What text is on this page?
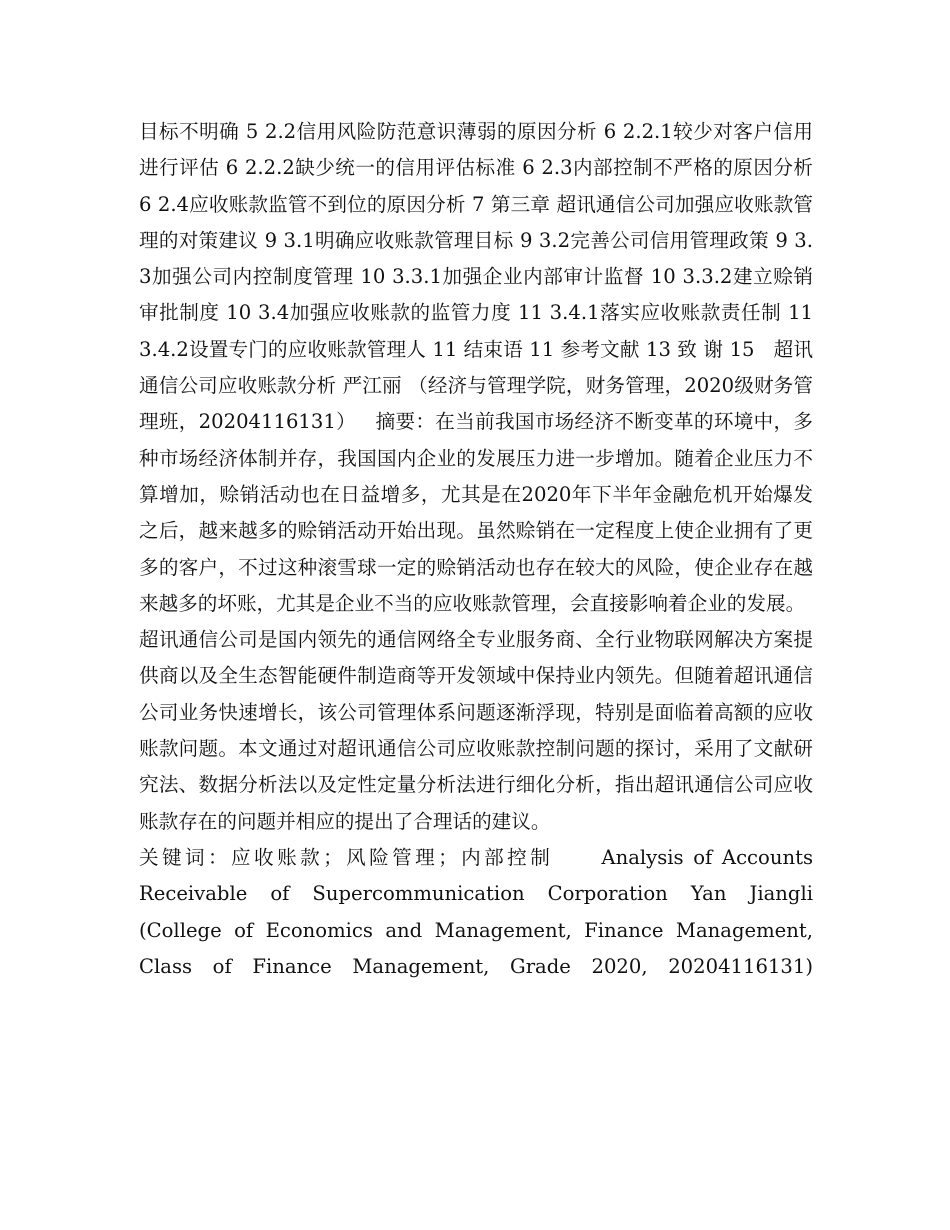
目标不明确 5 2.2信用风险防范意识薄弱的原因分析 6 2.2.1较少对客户信用进行评估 6 2.2.2缺少统一的信用评估标准 6 2.3内部控制不严格的原因分析 6 2.4应收账款监管不到位的原因分析 7 第三章 超讯通信公司加强应收账款管理的对策建议 9 3.1明确应收账款管理目标 9 3.2完善公司信用管理政策 9 3.3加强公司内控制度管理 10 3.3.1加强企业内部审计监督 10 3.3.2建立赊销审批制度 10 3.4加强应收账款的监管力度 11 3.4.1落实应收账款责任制 11 3.4.2设置专门的应收账款管理人 11 结束语 11 参考文献 13 致 谢 15   超讯通信公司应收账款分析 严江丽 （经济与管理学院，财务管理，2020级财务管理班，20204116131）   摘要：在当前我国市场经济不断变革的环境中，多种市场经济体制并存，我国国内企业的发展压力进一步增加。随着企业压力不算增加，赊销活动也在日益增多，尤其是在2020年下半年金融危机开始爆发之后，越来越多的赊销活动开始出现。虽然赊销在一定程度上使企业拥有了更多的客户，不过这种滚雪球一定的赊销活动也存在较大的风险，使企业存在越来越多的坏账，尤其是企业不当的应收账款管理，会直接影响着企业的发展。

超讯通信公司是国内领先的通信网络全专业服务商、全行业物联网解决方案提供商以及全生态智能硬件制造商等开发领域中保持业内领先。但随着超讯通信公司业务快速增长，该公司管理体系问题逐渐浮现，特别是面临着高额的应收账款问题。本文通过对超讯通信公司应收账款控制问题的探讨，采用了文献研究法、数据分析法以及定性定量分析法进行细化分析，指出超讯通信公司应收账款存在的问题并相应的提出了合理话的建议。

关键词：应收账款；风险管理；内部控制     Analysis of Accounts Receivable of Supercommunication Corporation Yan Jiangli (College of Economics and Management, Finance Management, Class of Finance Management, Grade 2020, 20204116131)
